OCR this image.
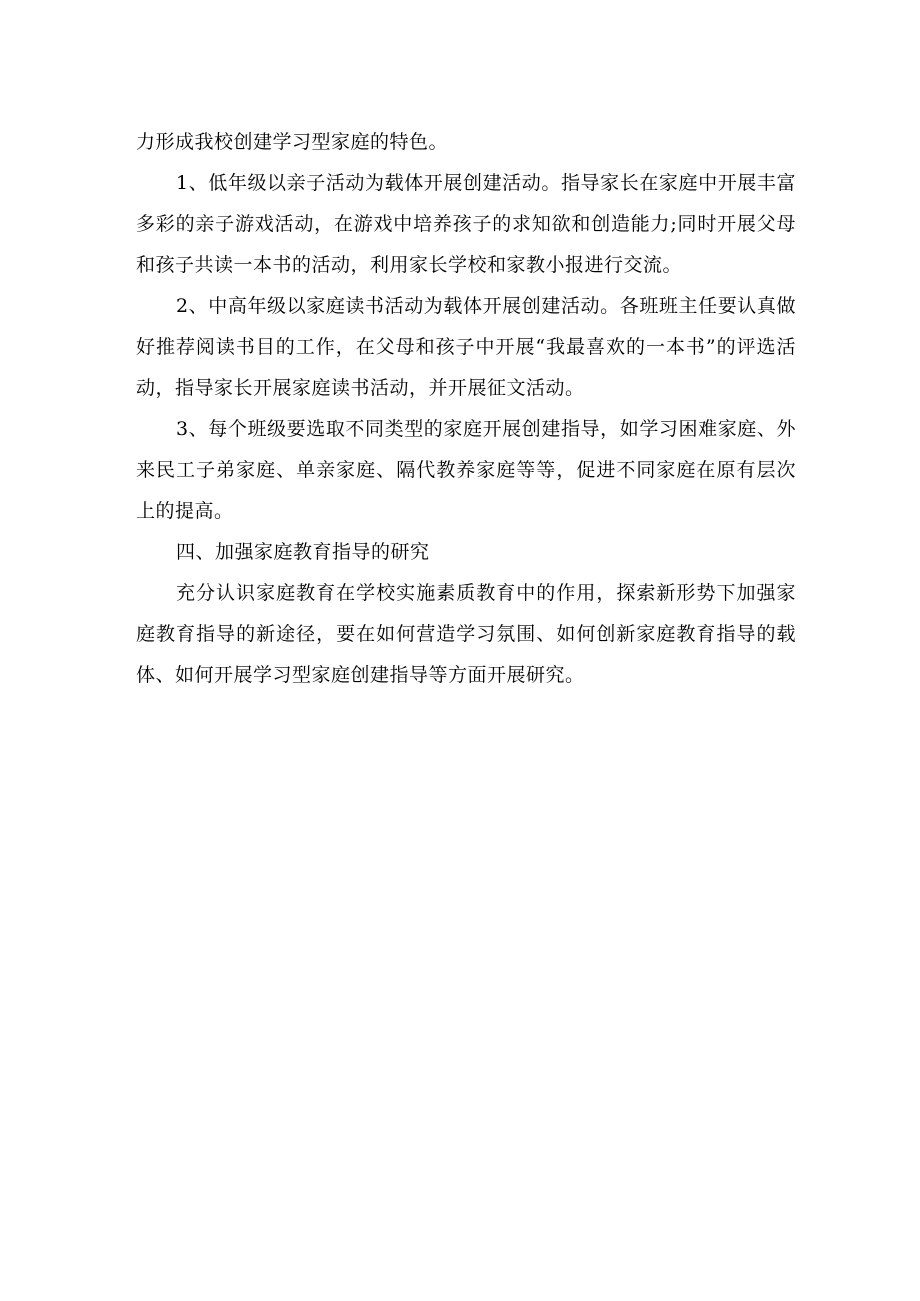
力形成我校创建学习型家庭的特色。

1、低年级以亲子活动为载体开展创建活动。指导家长在家庭中开展丰富多彩的亲子游戏活动，在游戏中培养孩子的求知欲和创造能力;同时开展父母和孩子共读一本书的活动，利用家长学校和家教小报进行交流。

2、中高年级以家庭读书活动为载体开展创建活动。各班班主任要认真做好推荐阅读书目的工作，在父母和孩子中开展“我最喜欢的一本书”的评选活动，指导家长开展家庭读书活动，并开展征文活动。

3、每个班级要选取不同类型的家庭开展创建指导，如学习困难家庭、外来民工子弟家庭、单亲家庭、隔代教养家庭等等，促进不同家庭在原有层次上的提高。

四、加强家庭教育指导的研究

充分认识家庭教育在学校实施素质教育中的作用，探索新形势下加强家庭教育指导的新途径，要在如何营造学习氛围、如何创新家庭教育指导的载体、如何开展学习型家庭创建指导等方面开展研究。
